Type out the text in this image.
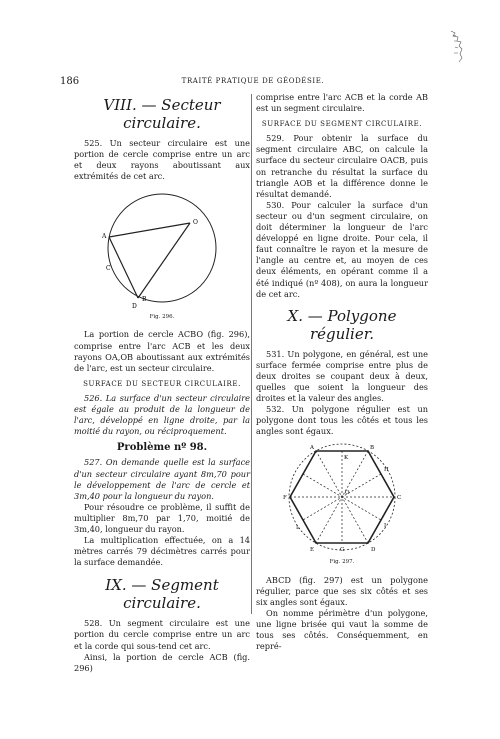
186	TRAITÉ PRATIQUE DE GÉODÉSIE.
VIII. — Secteur circulaire.

525. Un secteur circulaire est une portion de cercle comprise entre un arc et deux rayons aboutissant aux extrémités de cet arc.

O
A
C
D
B
Fig. 296.

La portion de cercle ACBO (fig. 296), comprise entre l'arc ACB et les deux rayons OA,OB aboutissant aux extrémités de l'arc, est un secteur circulaire.

SURFACE DU SECTEUR CIRCULAIRE.

526. La surface d'un secteur circulaire est égale au produit de la longueur de l'arc, développé en ligne droite, par la moitié du rayon, ou réciproquement.

Problème nº 98.

527. On demande quelle est la surface d'un secteur circulaire ayant 8m,70 pour le développement de l'arc de cercle et 3m,40 pour la longueur du rayon.

Pour résoudre ce problème, il suffit de multiplier 8m,70 par 1,70, moitié de 3m,40, longueur du rayon.

La multiplication effectuée, on a 14 mètres carrés 79 décimètres carrés pour la surface demandée.

IX. — Segment circulaire.

528. Un segment circulaire est une portion du cercle comprise entre un arc et la corde qui sous-tend cet arc.

Ainsi, la portion de cercle ACB (fig. 296)

comprise entre l'arc ACB et la corde AB est un segment circulaire.

SURFACE DU SEGMENT CIRCULAIRE.

529. Pour obtenir la surface du segment circulaire ABC, on calcule la surface du secteur circulaire OACB, puis on retranche du résultat la surface du triangle AOB et la différence donne le résultat demandé.

530. Pour calculer la surface d'un secteur ou d'un segment circulaire, on doit déterminer la longueur de l'arc développé en ligne droite. Pour cela, il faut connaître le rayon et la mesure de l'angle au centre et, au moyen de ces deux éléments, en opérant comme il a été indiqué (nº 408), on aura la longueur de cet arc.

X. — Polygone régulier.

531. Un polygone, en général, est une surface fermée comprise entre plus de deux droites se coupant deux à deux, quelles que soient la longueur des droites et la valeur des angles.

532. Un polygone régulier est un polygone dont tous les côtés et tous les angles sont égaux.

A	B
C
D
E
F
G
H
K
L	I
O
Fig. 297.

ABCD (fig. 297) est un polygone régulier, parce que ses six côtés et ses six angles sont égaux.

On nomme périmètre d'un polygone, une ligne brisée qui vaut la somme de tous ses côtés. Conséquemment, en repré-
